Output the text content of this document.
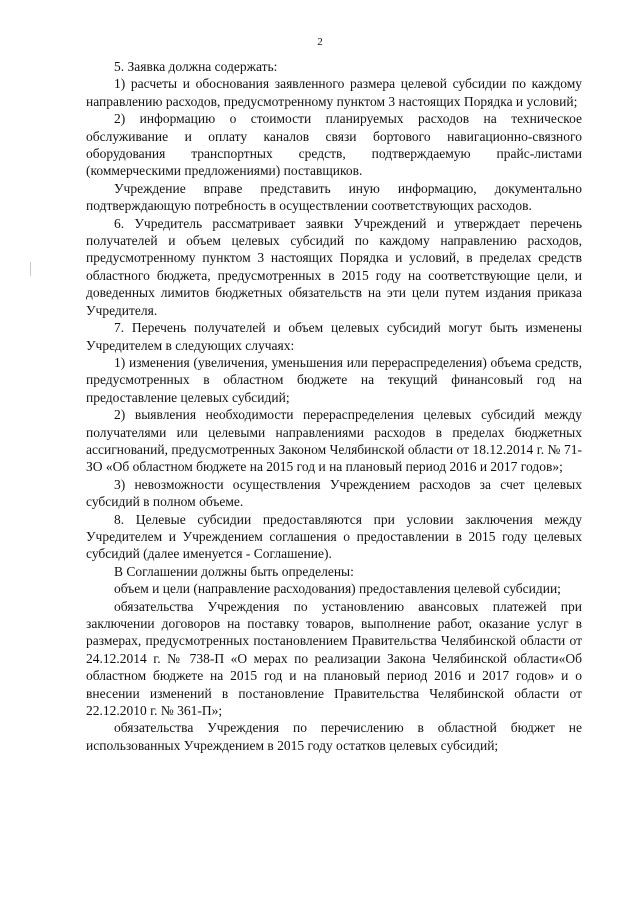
2

5. Заявка должна содержать:

1) расчеты и обоснования заявленного размера целевой субсидии по каждому направлению расходов, предусмотренному пунктом 3 настоящих Порядка и условий;

2) информацию о стоимости планируемых расходов на техническое обслуживание и оплату каналов связи бортового навигационно-связного оборудования транспортных средств, подтверждаемую прайс-листами (коммерческими предложениями) поставщиков.

Учреждение вправе представить иную информацию, документально подтверждающую потребность в осуществлении соответствующих расходов.

6. Учредитель рассматривает заявки Учреждений и утверждает перечень получателей и объем целевых субсидий по каждому направлению расходов, предусмотренному пунктом 3 настоящих Порядка и условий, в пределах средств областного бюджета, предусмотренных в 2015 году на соответствующие цели, и доведенных лимитов бюджетных обязательств на эти цели путем издания приказа Учредителя.

7. Перечень получателей и объем целевых субсидий могут быть изменены Учредителем в следующих случаях:

1) изменения (увеличения, уменьшения или перераспределения) объема средств, предусмотренных в областном бюджете на текущий финансовый год на предоставление целевых субсидий;

2) выявления необходимости перераспределения целевых субсидий между получателями или целевыми направлениями расходов в пределах бюджетных ассигнований, предусмотренных Законом Челябинской области от 18.12.2014 г. № 71-ЗО «Об областном бюджете на 2015 год и на плановый период 2016 и 2017 годов»;

3) невозможности осуществления Учреждением расходов за счет целевых субсидий в полном объеме.

8. Целевые субсидии предоставляются при условии заключения между Учредителем и Учреждением соглашения о предоставлении в 2015 году целевых субсидий (далее именуется - Соглашение).

В Соглашении должны быть определены:

объем и цели (направление расходования) предоставления целевой субсидии;

обязательства Учреждения по установлению авансовых платежей при заключении договоров на поставку товаров, выполнение работ, оказание услуг в размерах, предусмотренных постановлением Правительства Челябинской области от 24.12.2014 г. № 738-П «О мерах по реализации Закона Челябинской области«Об областном бюджете на 2015 год и на плановый период 2016 и 2017 годов» и о внесении изменений в постановление Правительства Челябинской области от 22.12.2010 г. № 361-П»;

обязательства Учреждения по перечислению в областной бюджет не использованных Учреждением в 2015 году остатков целевых субсидий;
